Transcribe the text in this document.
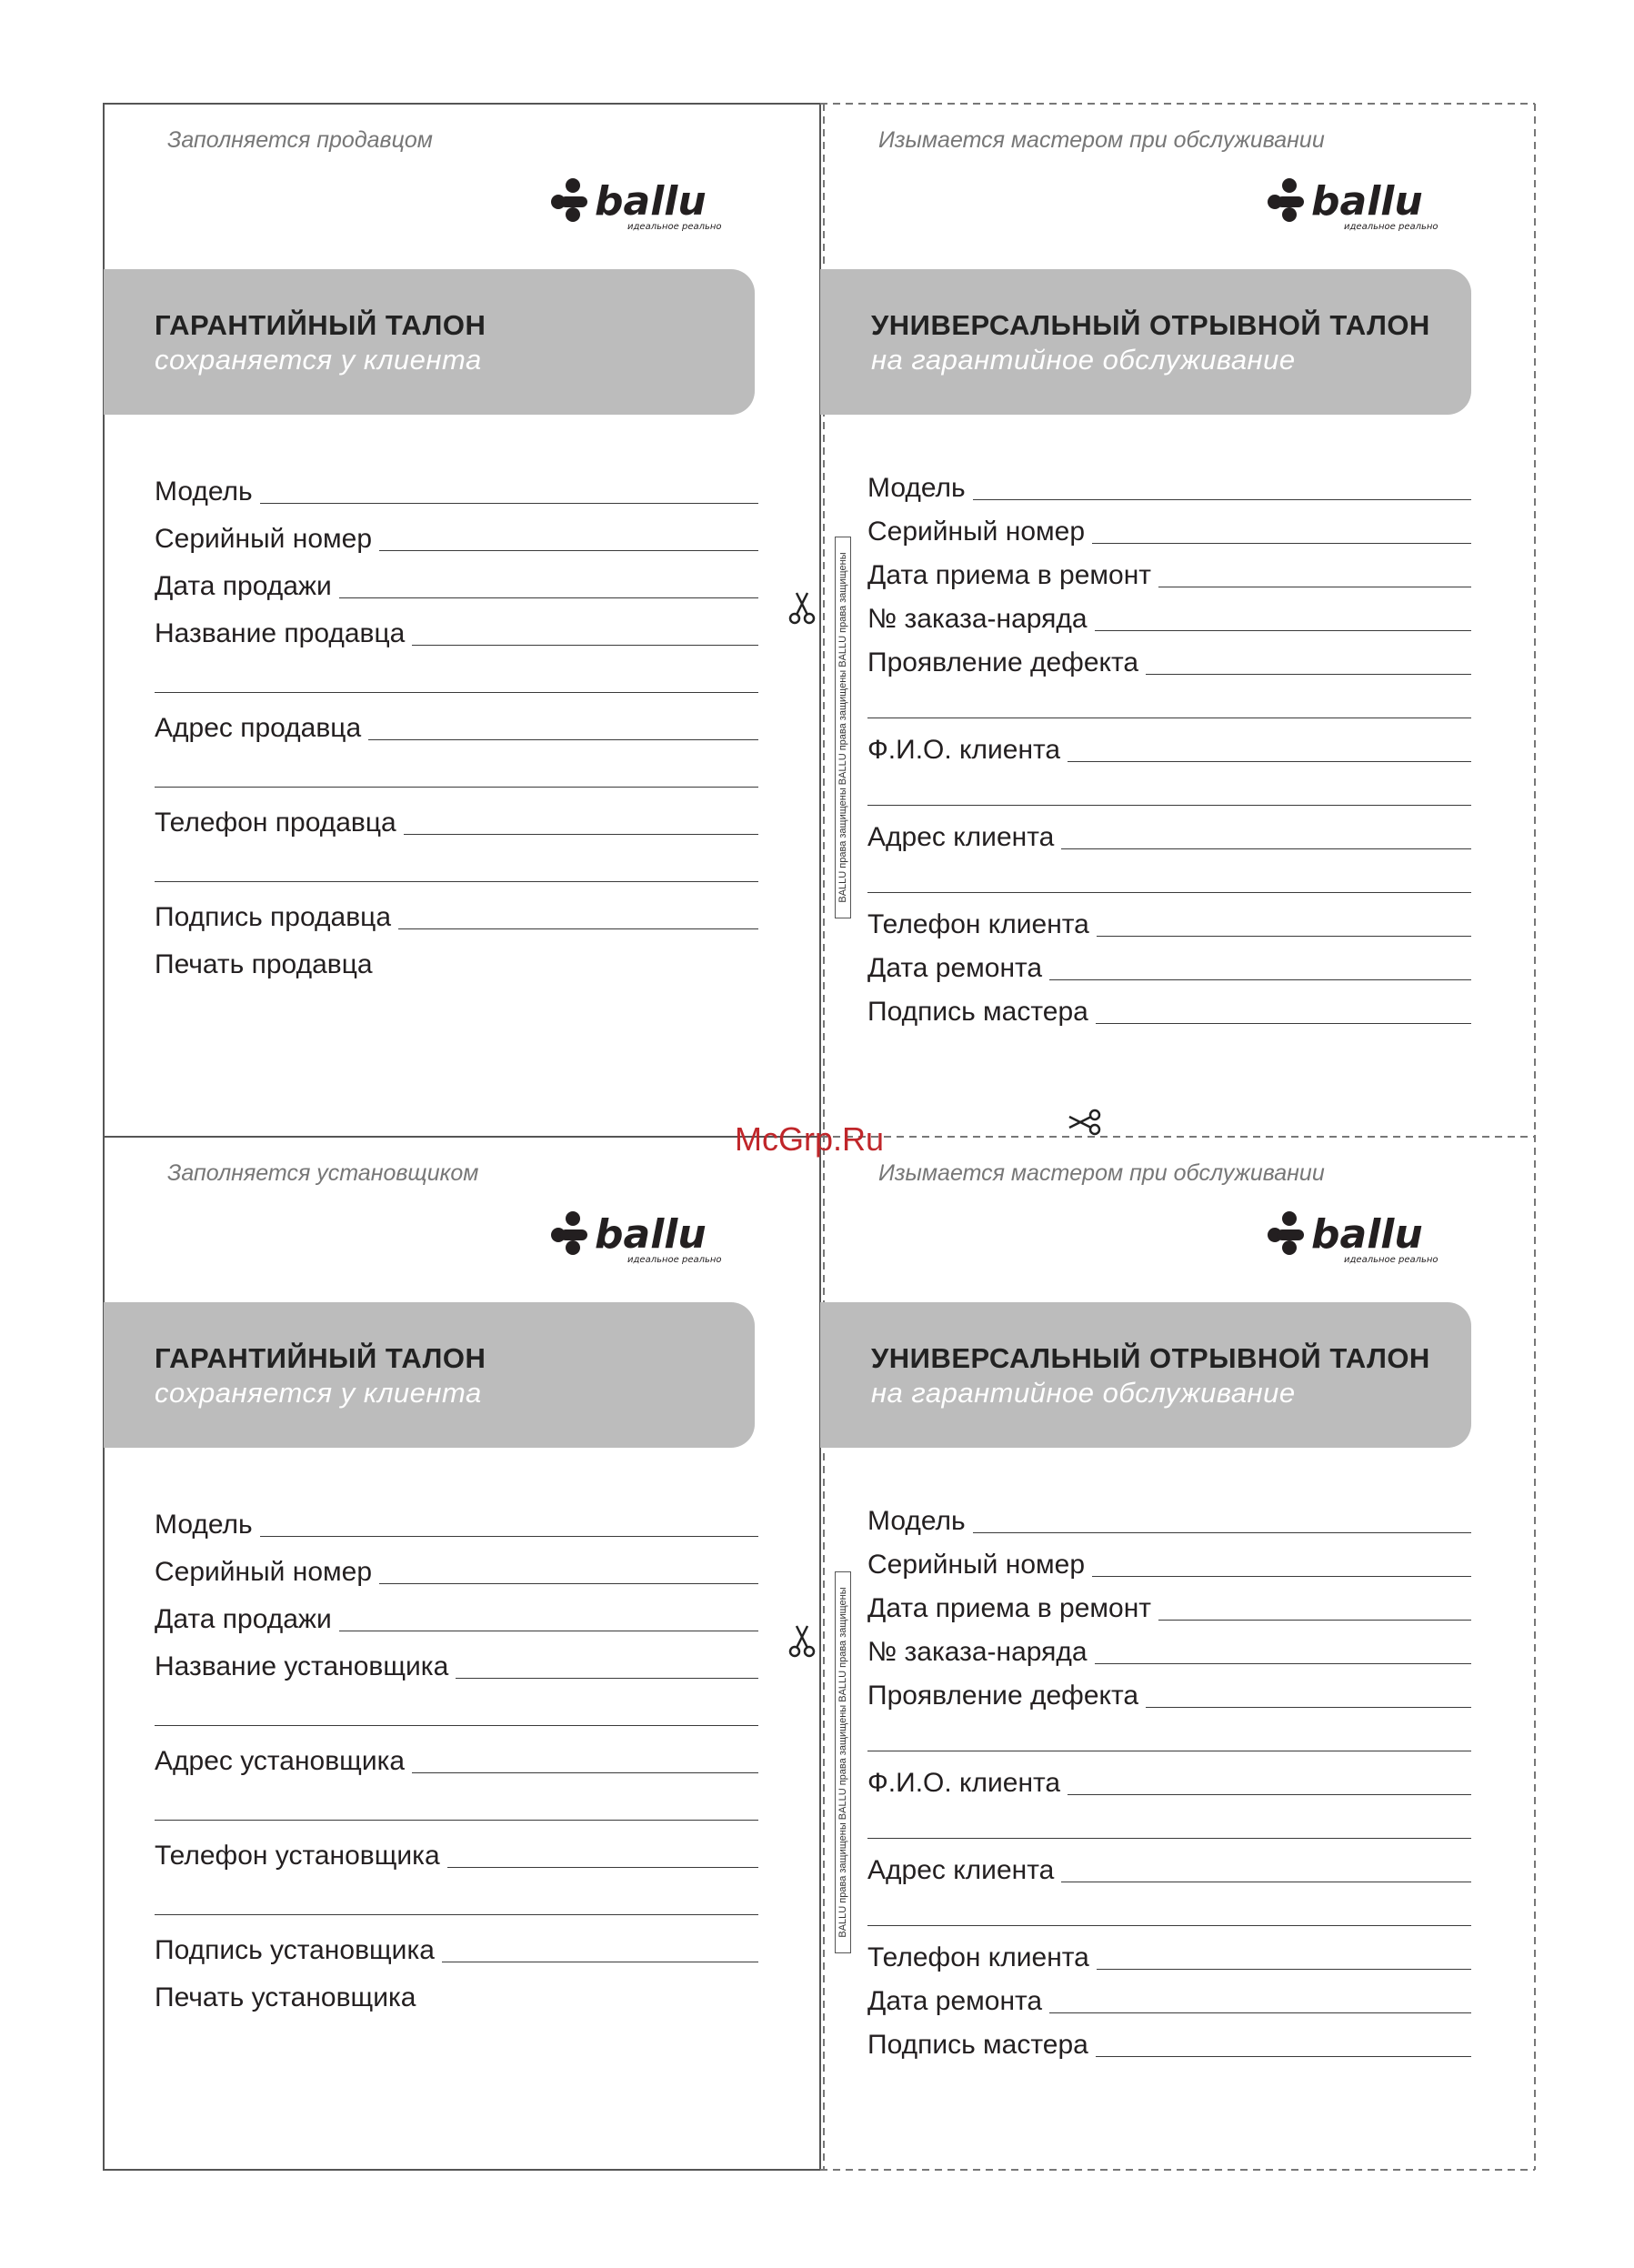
BALLU права защищены BALLU права защищены BALLU права защищены
BALLU права защищены BALLU права защищены BALLU права защищены
McGrp.Ru
Заполняется продавцом
ballu
идеальное реально
ГАРАНТИЙНЫЙ ТАЛОН
сохраняется у клиента
Модель
Серийный номер
Дата продажи
Название продавца
Адрес продавца
Телефон продавца
Подпись продавца
Печать продавца
Изымается мастером при обслуживании
ballu
идеальное реально
УНИВЕРСАЛЬНЫЙ ОТРЫВНОЙ ТАЛОН
на гарантийное обслуживание
Модель
Серийный номер
Дата приема в ремонт
№ заказа-наряда
Проявление дефекта
Ф.И.О. клиента
Адрес клиента
Телефон клиента
Дата ремонта
Подпись мастера
Заполняется установщиком
ballu
идеальное реально
ГАРАНТИЙНЫЙ ТАЛОН
сохраняется у клиента
Модель
Серийный номер
Дата продажи
Название установщика
Адрес установщика
Телефон установщика
Подпись установщика
Печать установщика
Изымается мастером при обслуживании
ballu
идеальное реально
УНИВЕРСАЛЬНЫЙ ОТРЫВНОЙ ТАЛОН
на гарантийное обслуживание
Модель
Серийный номер
Дата приема в ремонт
№ заказа-наряда
Проявление дефекта
Ф.И.О. клиента
Адрес клиента
Телефон клиента
Дата ремонта
Подпись мастера
